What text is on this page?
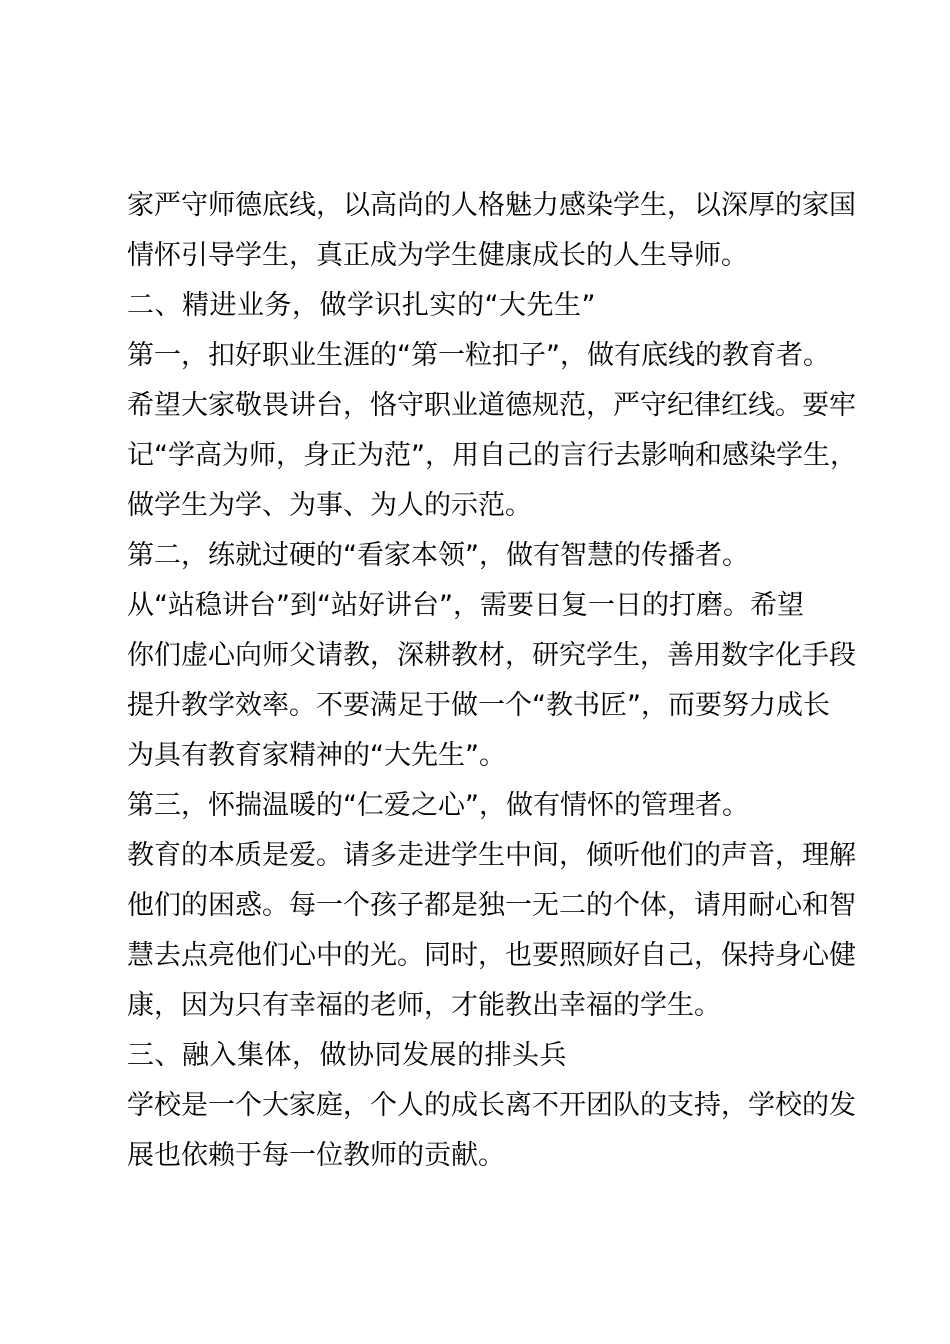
家严守师德底线，以高尚的人格魅力感染学生，以深厚的家国
情怀引导学生，真正成为学生健康成长的人生导师。
二、精进业务，做学识扎实的“大先生”
第一，扣好职业生涯的“第一粒扣子”，做有底线的教育者。
希望大家敬畏讲台，恪守职业道德规范，严守纪律红线。要牢
记“学高为师，身正为范”，用自己的言行去影响和感染学生，
做学生为学、为事、为人的示范。
第二，练就过硬的“看家本领”，做有智慧的传播者。
从“站稳讲台”到“站好讲台”，需要日复一日的打磨。希望
你们虚心向师父请教，深耕教材，研究学生，善用数字化手段
提升教学效率。不要满足于做一个“教书匠”，而要努力成长
为具有教育家精神的“大先生”。
第三，怀揣温暖的“仁爱之心”，做有情怀的管理者。
教育的本质是爱。请多走进学生中间，倾听他们的声音，理解
他们的困惑。每一个孩子都是独一无二的个体，请用耐心和智
慧去点亮他们心中的光。同时，也要照顾好自己，保持身心健
康，因为只有幸福的老师，才能教出幸福的学生。
三、融入集体，做协同发展的排头兵
学校是一个大家庭，个人的成长离不开团队的支持，学校的发
展也依赖于每一位教师的贡献。
